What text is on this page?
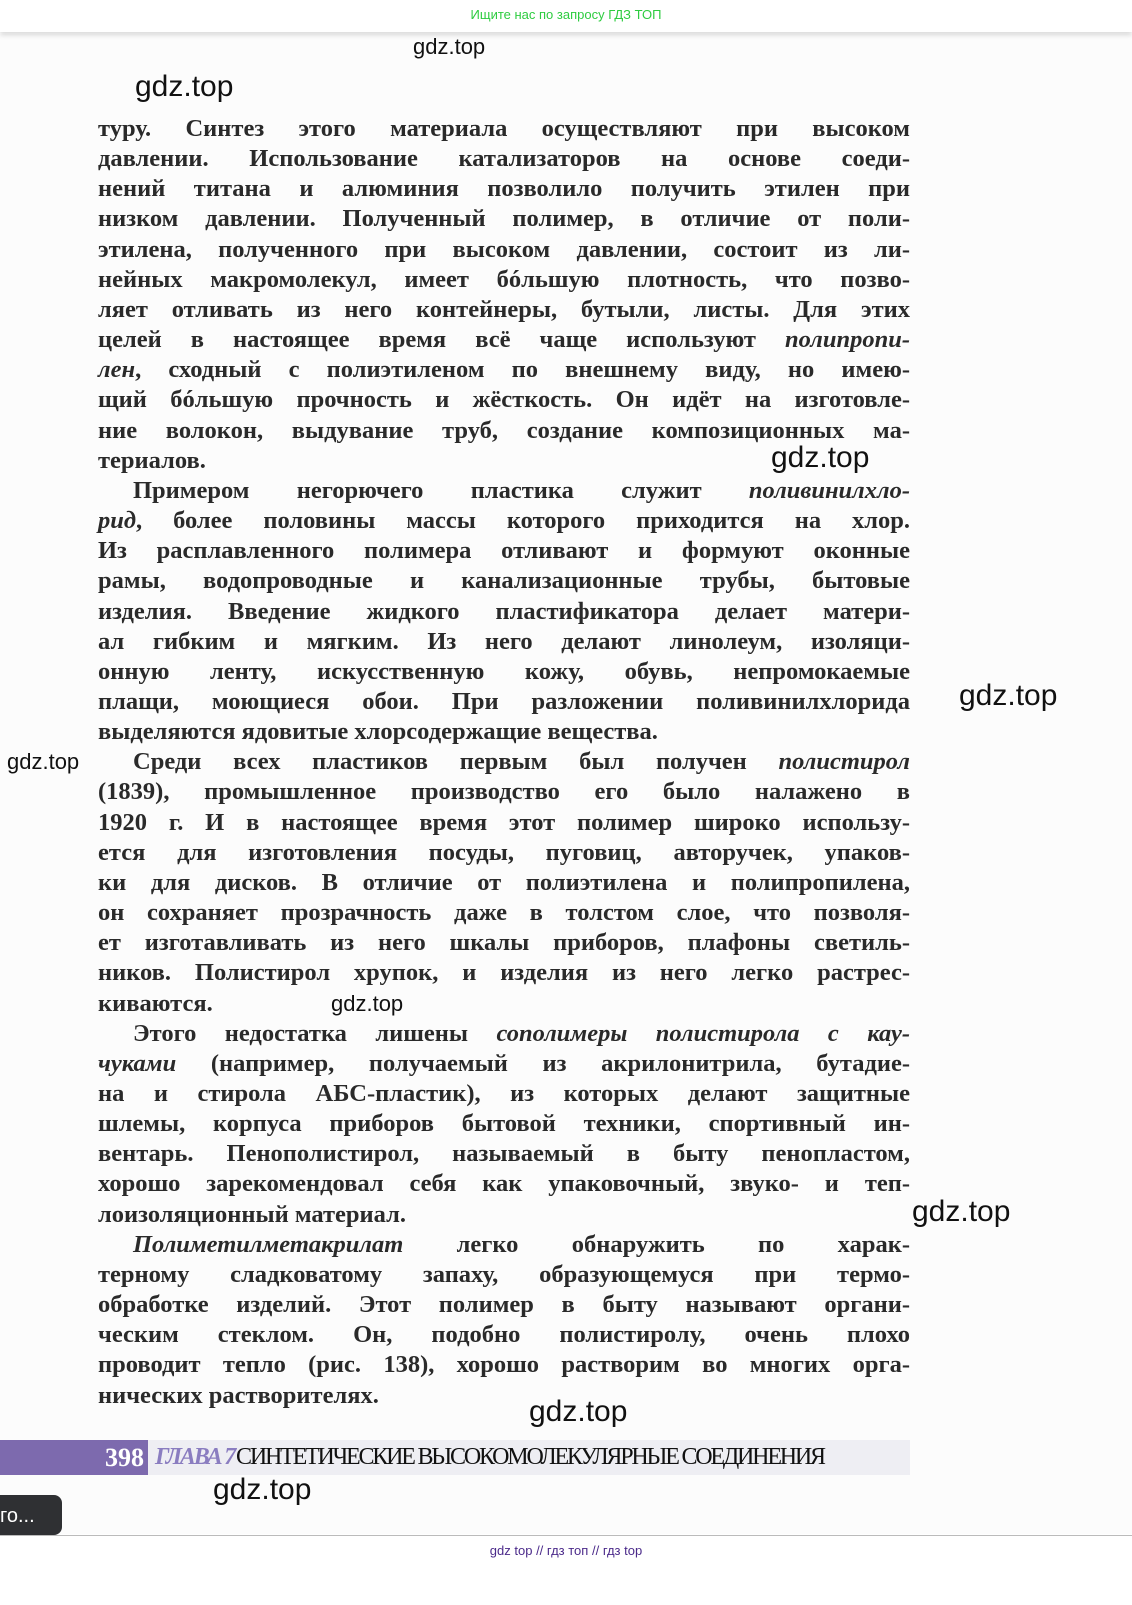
Ищите нас по запросу ГДЗ ТОП
туру. Синтез этого материала осуществляют при высоком
давлении. Использование катализаторов на основе соеди-
нений титана и алюминия позволило получить этилен при
низком давлении. Полученный полимер, в отличие от поли-
этилена, полученного при высоком давлении, состоит из ли-
нейных макромолекул, имеет бóльшую плотность, что позво-
ляет отливать из него контейнеры, бутыли, листы. Для этих
целей в настоящее время всё чаще используют полипропи-
лен, сходный с полиэтиленом по внешнему виду, но имею-
щий бóльшую прочность и жёсткость. Он идёт на изготовле-
ние волокон, выдувание труб, создание композиционных ма-
териалов.
Примером негорючего пластика служит поливинилхло-
рид, более половины массы которого приходится на хлор.
Из расплавленного полимера отливают и формуют оконные
рамы, водопроводные и канализационные трубы, бытовые
изделия. Введение жидкого пластификатора делает матери-
ал гибким и мягким. Из него делают линолеум, изоляци-
онную ленту, искусственную кожу, обувь, непромокаемые
плащи, моющиеся обои. При разложении поливинилхлорида
выделяются ядовитые хлорсодержащие вещества.
Среди всех пластиков первым был получен полистирол
(1839), промышленное производство его было налажено в
1920 г. И в настоящее время этот полимер широко использу-
ется для изготовления посуды, пуговиц, авторучек, упаков-
ки для дисков. В отличие от полиэтилена и полипропилена,
он сохраняет прозрачность даже в толстом слое, что позволя-
ет изготавливать из него шкалы приборов, плафоны светиль-
ников. Полистирол хрупок, и изделия из него легко растрес-
киваются.
Этого недостатка лишены сополимеры полистирола с кау-
чуками (например, получаемый из акрилонитрила, бутадие-
на и стирола АБС-пластик), из которых делают защитные
шлемы, корпуса приборов бытовой техники, спортивный ин-
вентарь. Пенополистирол, называемый в быту пенопластом,
хорошо зарекомендовал себя как упаковочный, звуко- и теп-
лоизоляционный материал.
Полиметилметакрилат легко обнаружить по харак-
терному сладковатому запаху, образующемуся при термо-
обработке изделий. Этот полимер в быту называют органи-
ческим стеклом. Он, подобно полистиролу, очень плохо
проводит тепло (рис. 138), хорошо растворим во многих орга-
нических растворителях.
398 ГЛАВА 7СИНТЕТИЧЕСКИЕ ВЫСОКОМОЛЕКУЛЯРНЫЕ СОЕДИНЕНИЯ
gdz.top
gdz.top
gdz.top
gdz.top
gdz.top
gdz.top
gdz.top
gdz.top
gdz.top
го...
gdz top // гдз топ // гдз top
